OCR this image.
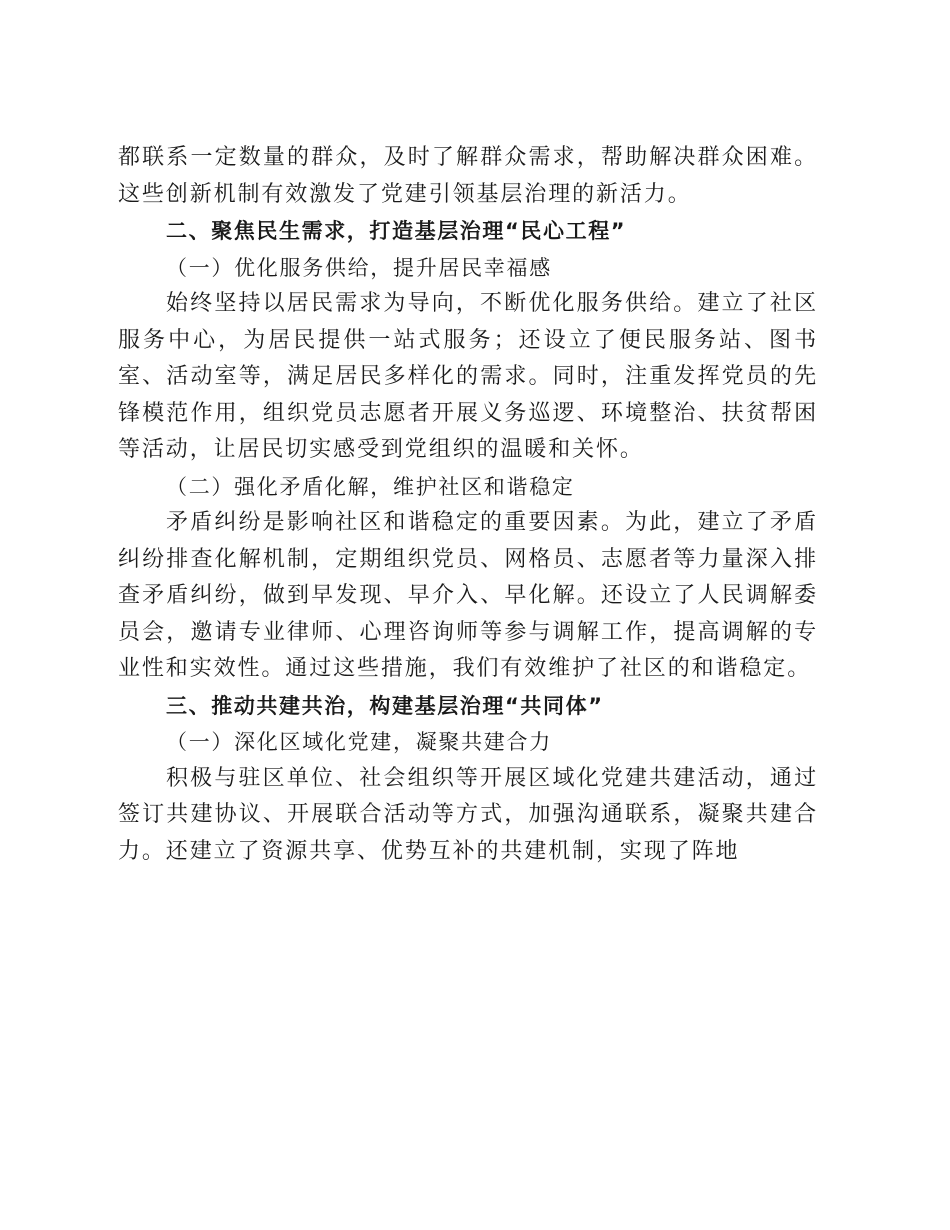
都联系一定数量的群众，及时了解群众需求，帮助解决群众困难。这些创新机制有效激发了党建引领基层治理的新活力。

二、聚焦民生需求，打造基层治理“民心工程”

（一）优化服务供给，提升居民幸福感

始终坚持以居民需求为导向，不断优化服务供给。建立了社区服务中心，为居民提供一站式服务；还设立了便民服务站、图书室、活动室等，满足居民多样化的需求。同时，注重发挥党员的先锋模范作用，组织党员志愿者开展义务巡逻、环境整治、扶贫帮困等活动，让居民切实感受到党组织的温暖和关怀。

（二）强化矛盾化解，维护社区和谐稳定

矛盾纠纷是影响社区和谐稳定的重要因素。为此，建立了矛盾纠纷排查化解机制，定期组织党员、网格员、志愿者等力量深入排查矛盾纠纷，做到早发现、早介入、早化解。还设立了人民调解委员会，邀请专业律师、心理咨询师等参与调解工作，提高调解的专业性和实效性。通过这些措施，我们有效维护了社区的和谐稳定。

三、推动共建共治，构建基层治理“共同体”

（一）深化区域化党建，凝聚共建合力

积极与驻区单位、社会组织等开展区域化党建共建活动，通过签订共建协议、开展联合活动等方式，加强沟通联系，凝聚共建合力。还建立了资源共享、优势互补的共建机制，实现了阵地
